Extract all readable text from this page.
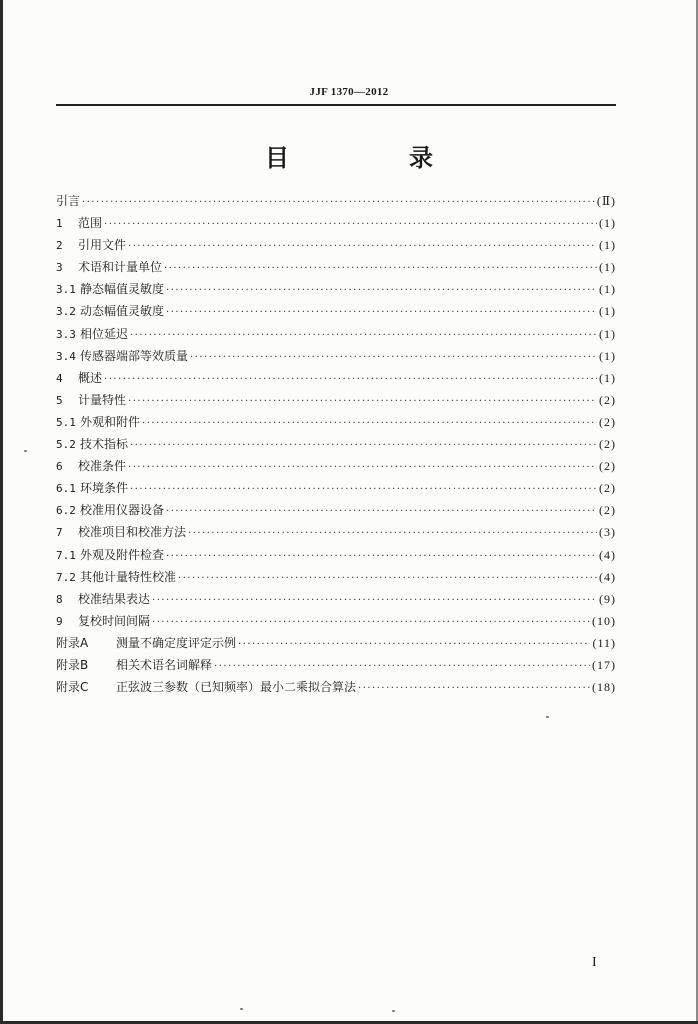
JJF 1370—2012
目　录
引言 ·····	(Ⅱ)
1	范围 ·····	(1)
2	引用文件 ·····	(1)
3	术语和计量单位 ·····	(1)
3.1 静态幅值灵敏度 ·····	(1)
3.2 动态幅值灵敏度 ·····	(1)
3.3 相位延迟 ·····	(1)
3.4 传感器端部等效质量 ·····	(1)
4	概述 ·····	(1)
5	计量特性 ·····	(2)
5.1 外观和附件 ·····	(2)
5.2 技术指标 ·····	(2)
6	校准条件 ·····	(2)
6.1 环境条件 ·····	(2)
6.2 校准用仪器设备 ·····	(2)
7	校准项目和校准方法 ·····	(3)
7.1 外观及附件检查 ·····	(4)
7.2 其他计量特性校准 ·····	(4)
8	校准结果表达 ·····	(9)
9	复校时间间隔 ·····	(10)
附录A	测量不确定度评定示例 ·····	(11)
附录B	相关术语名词解释 ·····	(17)
附录C	正弦波三参数（已知频率）最小二乘拟合算法 ·····	(18)
I
